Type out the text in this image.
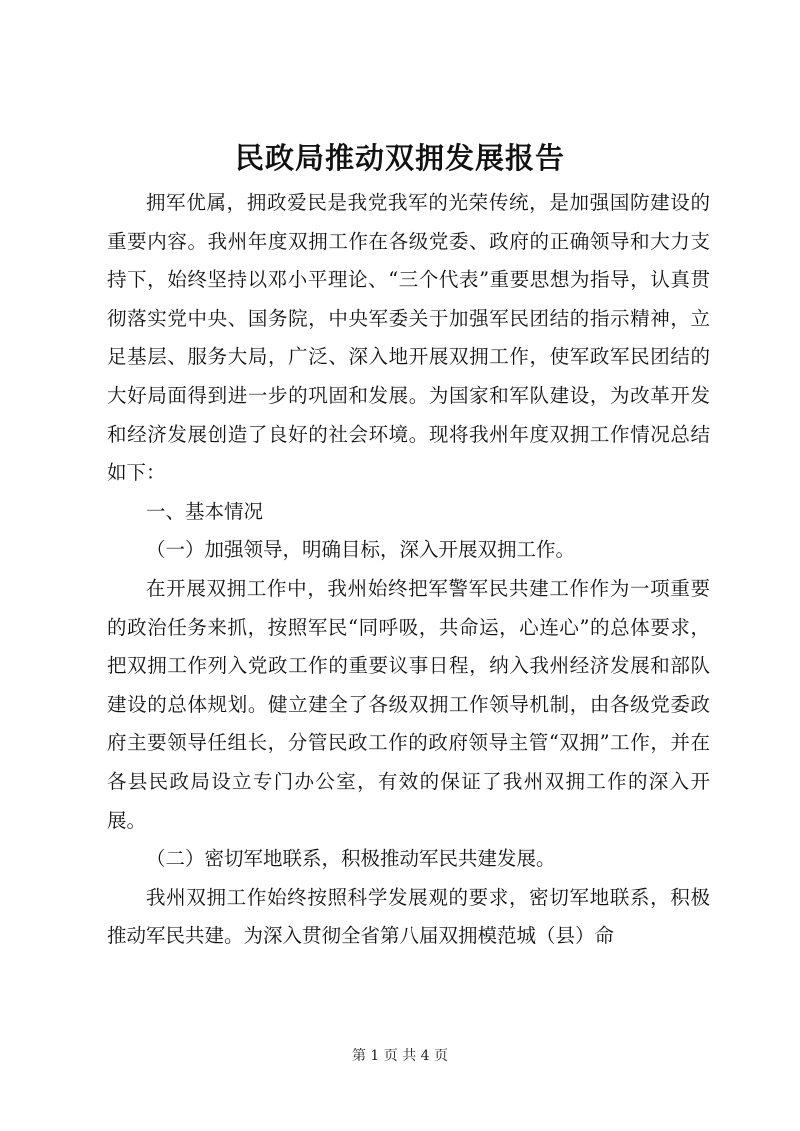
民政局推动双拥发展报告

拥军优属，拥政爱民是我党我军的光荣传统，是加强国防建设的重要内容。我州年度双拥工作在各级党委、政府的正确领导和大力支持下，始终坚持以邓小平理论、“三个代表”重要思想为指导，认真贯彻落实党中央、国务院，中央军委关于加强军民团结的指示精神，立足基层、服务大局，广泛、深入地开展双拥工作，使军政军民团结的大好局面得到进一步的巩固和发展。为国家和军队建设，为改革开发和经济发展创造了良好的社会环境。现将我州年度双拥工作情况总结如下：

一、基本情况

（一）加强领导，明确目标，深入开展双拥工作。

在开展双拥工作中，我州始终把军警军民共建工作作为一项重要的政治任务来抓，按照军民“同呼吸，共命运，心连心”的总体要求，把双拥工作列入党政工作的重要议事日程，纳入我州经济发展和部队建设的总体规划。健立建全了各级双拥工作领导机制，由各级党委政府主要领导任组长，分管民政工作的政府领导主管“双拥”工作，并在各县民政局设立专门办公室，有效的保证了我州双拥工作的深入开展。

（二）密切军地联系，积极推动军民共建发展。

我州双拥工作始终按照科学发展观的要求，密切军地联系，积极推动军民共建。为深入贯彻全省第八届双拥模范城（县）命

第 1 页 共 4 页
